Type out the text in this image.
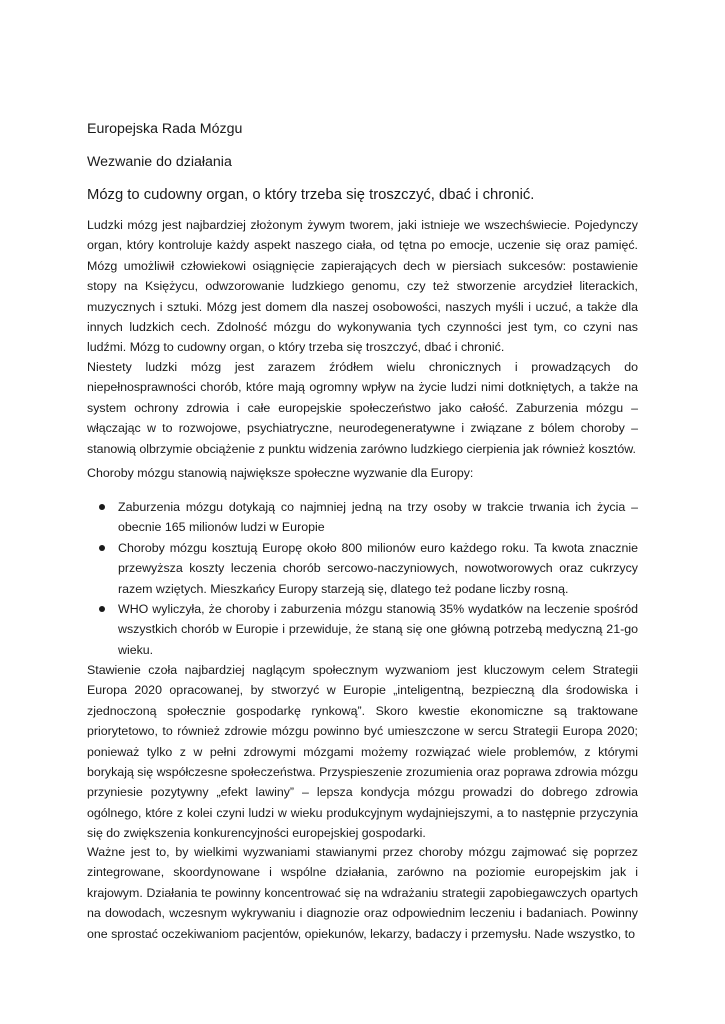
Europejska Rada Mózgu
Wezwanie do działania
Mózg to cudowny organ, o który trzeba się troszczyć, dbać i chronić.

Ludzki mózg jest najbardziej złożonym żywym tworem, jaki istnieje we wszechświecie. Pojedynczy organ, który kontroluje każdy aspekt naszego ciała, od tętna po emocje, uczenie się oraz pamięć. Mózg umożliwił człowiekowi osiągnięcie zapierających dech w piersiach sukcesów: postawienie stopy na Księżycu, odwzorowanie ludzkiego genomu, czy też stworzenie arcydzieł literackich, muzycznych i sztuki. Mózg jest domem dla naszej osobowości, naszych myśli i uczuć, a także dla innych ludzkich cech. Zdolność mózgu do wykonywania tych czynności jest tym, co czyni nas ludźmi. Mózg to cudowny organ, o który trzeba się troszczyć, dbać i chronić.

Niestety ludzki mózg jest zarazem źródłem wielu chronicznych i prowadzących do niepełnosprawności chorób, które mają ogromny wpływ na życie ludzi nimi dotkniętych, a także na system ochrony zdrowia i całe europejskie społeczeństwo jako całość. Zaburzenia mózgu – włączając w to rozwojowe, psychiatryczne, neurodegeneratywne i związane z bólem choroby – stanowią olbrzymie obciążenie z punktu widzenia zarówno ludzkiego cierpienia jak również kosztów.

Choroby mózgu stanowią największe społeczne wyzwanie dla Europy:

Zaburzenia mózgu dotykają co najmniej jedną na trzy osoby w trakcie trwania ich życia – obecnie 165 milionów ludzi w Europie
Choroby mózgu kosztują Europę około 800 milionów euro każdego roku. Ta kwota znacznie przewyższa koszty leczenia chorób sercowo-naczyniowych, nowotworowych oraz cukrzycy razem wziętych. Mieszkańcy Europy starzeją się, dlatego też podane liczby rosną.
WHO wyliczyła, że choroby i zaburzenia mózgu stanowią 35% wydatków na leczenie spośród wszystkich chorób w Europie i przewiduje, że staną się one główną potrzebą medyczną 21-go wieku.

Stawienie czoła najbardziej naglącym społecznym wyzwaniom jest kluczowym celem Strategii Europa 2020 opracowanej, by stworzyć w Europie „inteligentną, bezpieczną dla środowiska i zjednoczoną społecznie gospodarkę rynkową”. Skoro kwestie ekonomiczne są traktowane priorytetowo, to również zdrowie mózgu powinno być umieszczone w sercu Strategii Europa 2020; ponieważ tylko z w pełni zdrowymi mózgami możemy rozwiązać wiele problemów, z którymi borykają się współczesne społeczeństwa. Przyspieszenie zrozumienia oraz poprawa zdrowia mózgu przyniesie pozytywny „efekt lawiny” – lepsza kondycja mózgu prowadzi do dobrego zdrowia ogólnego, które z kolei czyni ludzi w wieku produkcyjnym wydajniejszymi, a to następnie przyczynia się do zwiększenia konkurencyjności europejskiej gospodarki.

Ważne jest to, by wielkimi wyzwaniami stawianymi przez choroby mózgu zajmować się poprzez zintegrowane, skoordynowane i wspólne działania, zarówno na poziomie europejskim jak i krajowym. Działania te powinny koncentrować się na wdrażaniu strategii zapobiegawczych opartych na dowodach, wczesnym wykrywaniu i diagnozie oraz odpowiednim leczeniu i badaniach. Powinny one sprostać oczekiwaniom pacjentów, opiekunów, lekarzy, badaczy i przemysłu. Nade wszystko, to
